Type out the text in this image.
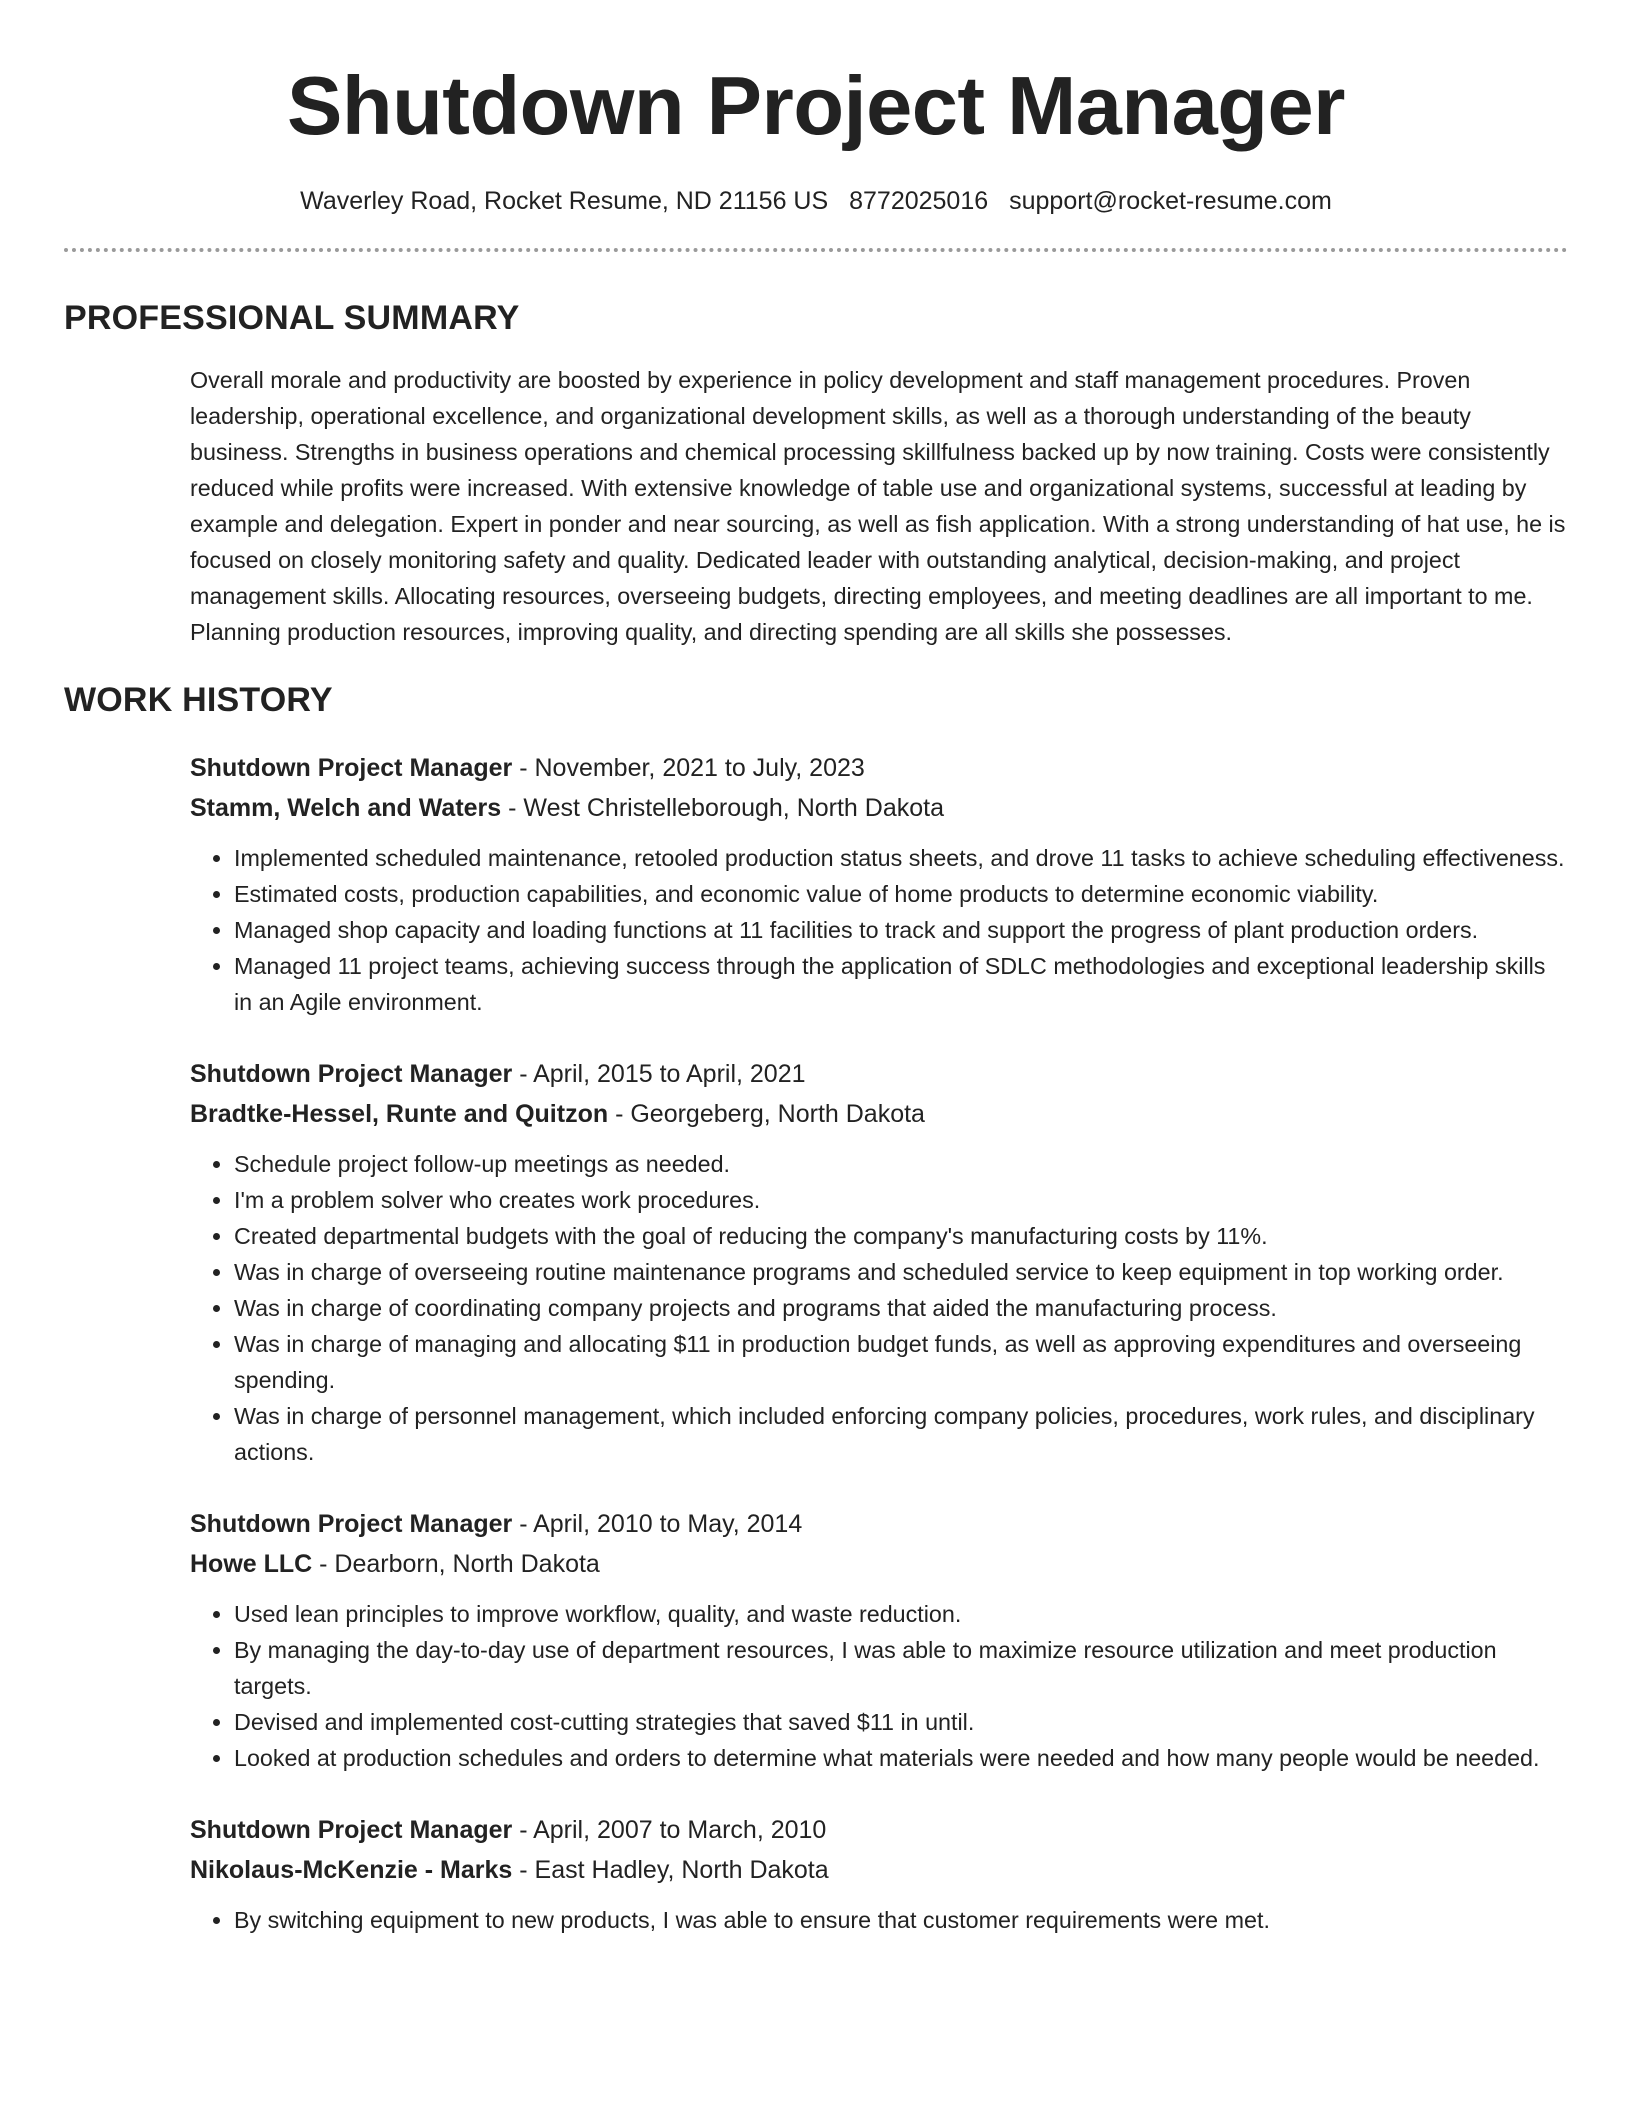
Shutdown Project Manager
Waverley Road, Rocket Resume, ND 21156 US 8772025016 support@rocket-resume.com
PROFESSIONAL SUMMARY
Overall morale and productivity are boosted by experience in policy development and staff management procedures. Proven leadership, operational excellence, and organizational development skills, as well as a thorough understanding of the beauty business. Strengths in business operations and chemical processing skillfulness backed up by now training. Costs were consistently reduced while profits were increased. With extensive knowledge of table use and organizational systems, successful at leading by example and delegation. Expert in ponder and near sourcing, as well as fish application. With a strong understanding of hat use, he is focused on closely monitoring safety and quality. Dedicated leader with outstanding analytical, decision-making, and project management skills. Allocating resources, overseeing budgets, directing employees, and meeting deadlines are all important to me. Planning production resources, improving quality, and directing spending are all skills she possesses.
WORK HISTORY
Shutdown Project Manager - November, 2021 to July, 2023
Stamm, Welch and Waters - West Christelleborough, North Dakota
• Implemented scheduled maintenance, retooled production status sheets, and drove 11 tasks to achieve scheduling effectiveness.
• Estimated costs, production capabilities, and economic value of home products to determine economic viability.
• Managed shop capacity and loading functions at 11 facilities to track and support the progress of plant production orders.
• Managed 11 project teams, achieving success through the application of SDLC methodologies and exceptional leadership skills in an Agile environment.
Shutdown Project Manager - April, 2015 to April, 2021
Bradtke-Hessel, Runte and Quitzon - Georgeberg, North Dakota
• Schedule project follow-up meetings as needed.
• I'm a problem solver who creates work procedures.
• Created departmental budgets with the goal of reducing the company's manufacturing costs by 11%.
• Was in charge of overseeing routine maintenance programs and scheduled service to keep equipment in top working order.
• Was in charge of coordinating company projects and programs that aided the manufacturing process.
• Was in charge of managing and allocating $11 in production budget funds, as well as approving expenditures and overseeing spending.
• Was in charge of personnel management, which included enforcing company policies, procedures, work rules, and disciplinary actions.
Shutdown Project Manager - April, 2010 to May, 2014
Howe LLC - Dearborn, North Dakota
• Used lean principles to improve workflow, quality, and waste reduction.
• By managing the day-to-day use of department resources, I was able to maximize resource utilization and meet production targets.
• Devised and implemented cost-cutting strategies that saved $11 in until.
• Looked at production schedules and orders to determine what materials were needed and how many people would be needed.
Shutdown Project Manager - April, 2007 to March, 2010
Nikolaus-McKenzie - Marks - East Hadley, North Dakota
• By switching equipment to new products, I was able to ensure that customer requirements were met.
